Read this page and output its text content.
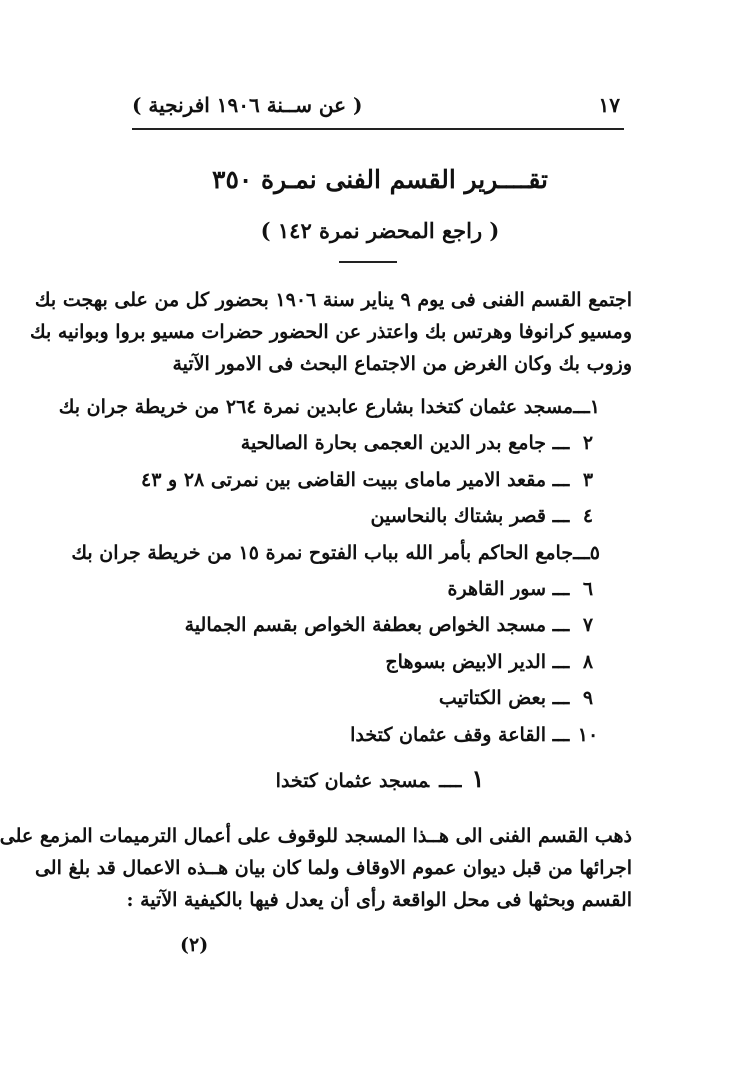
١٧
( عن ســنة ١٩٠٦ افرنجية )
تقــــرير القسم الفنى نمـرة ٣٥٠
( راجع المحضر نمرة ١٤٢ )
اجتمع القسم الفنى فى يوم ٩ يناير سنة ١٩٠٦ بحضور كل من على بهجت بك
ومسيو كرانوفا وهرتس بك واعتذر عن الحضور حضرات مسيو بروا وبوانيه بك
وزوب بك وكان الغرض من الاجتماع البحث فى الامور الآتية
١
ـــ
مسجد عثمان كتخدا بشارع عابدين نمرة ٢٦٤ من خريطة جران بك
٢
ـــ
جامع بدر الدين العجمى بحارة الصالحية
٣
ـــ
مقعد الامير ماماى ببيت القاضى بين نمرتى ٢٨ و ٤٣
٤
ـــ
قصر بشتاك بالنحاسين
٥
ـــ
جامع الحاكم بأمر الله بباب الفتوح نمرة ١٥ من خريطة جران بك
٦
ـــ
سور القاهرة
٧
ـــ
مسجد الخواص بعطفة الخواص بقسم الجمالية
٨
ـــ
الدير الابيض بسوهاج
٩
ـــ
بعض الكتاتيب
١٠
ـــ
القاعة وقف عثمان كتخدا
١ــــمسجد عثمان كتخدا
ذهب القسم الفنى الى هــذا المسجد للوقوف على أعمال الترميمات المزمع على
اجرائها من قبل ديوان عموم الاوقاف ولما كان بيان هــذه الاعمال قد بلغ الى
القسم وبحثها فى محل الواقعة رأى أن يعدل فيها بالكيفية الآتية :
(٢)
